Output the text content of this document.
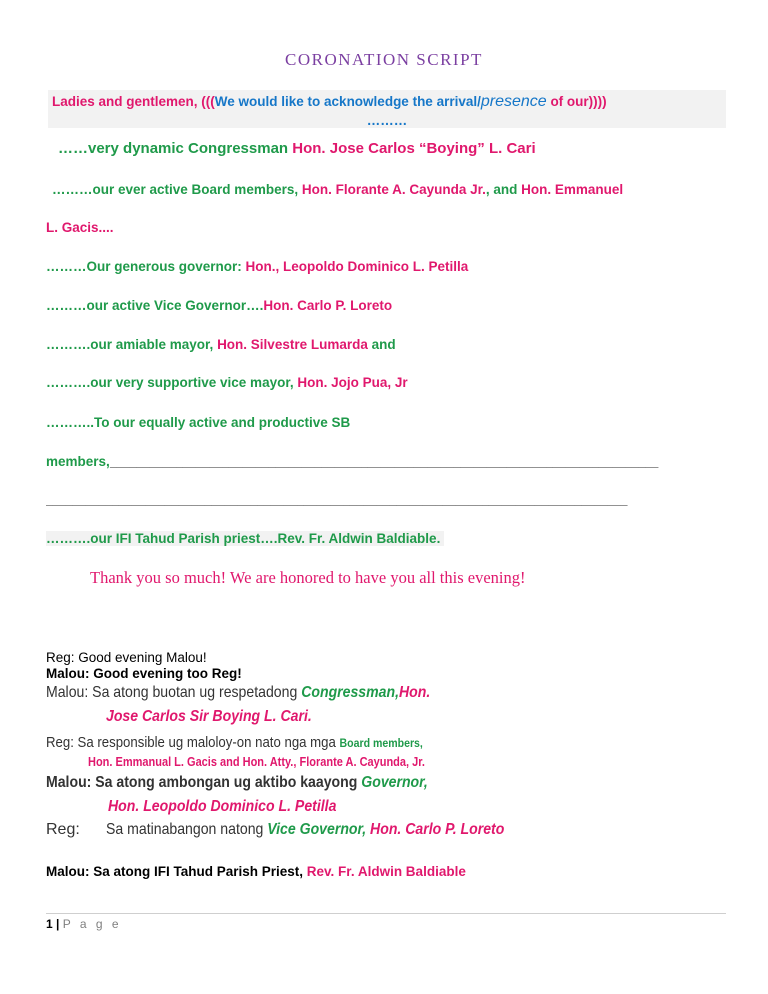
CORONATION SCRIPT
Ladies and gentlemen, (((We would like to acknowledge the arrival/presence of our))))
………
……very dynamic Congressman Hon. Jose Carlos “Boying” L. Cari
………our ever active Board members, Hon. Florante A. Cayunda Jr., and Hon. Emmanuel
L. Gacis....
………Our generous governor: Hon., Leopoldo Dominico L. Petilla
………our active Vice Governor….Hon. Carlo P. Loreto
……….our amiable mayor, Hon. Silvestre Lumarda and
……….our very supportive vice mayor, Hon. Jojo Pua, Jr
………..To our equally active and productive SB
members,___________________________________________________________________________________
________________________________________________________________________________________
……….our IFI Tahud Parish priest….Rev. Fr. Aldwin Baldiable.
Thank you so much! We are honored to have you all this evening!
Reg: Good evening Malou!
Malou: Good evening too Reg!
Malou: Sa atong buotan ug respetadong Congressman,Hon.
Jose Carlos Sir Boying L. Cari.
Reg: Sa responsible ug maloloy-on nato nga mga Board members,
Hon. Emmanual L. Gacis and Hon. Atty., Florante A. Cayunda, Jr.
Malou: Sa atong ambongan ug aktibo kaayong Governor,
Hon. Leopoldo Dominico L. Petilla
Reg: Sa matinabangon natong Vice Governor, Hon. Carlo P. Loreto
Malou: Sa atong IFI Tahud Parish Priest, Rev. Fr. Aldwin Baldiable
1 | P a g e
